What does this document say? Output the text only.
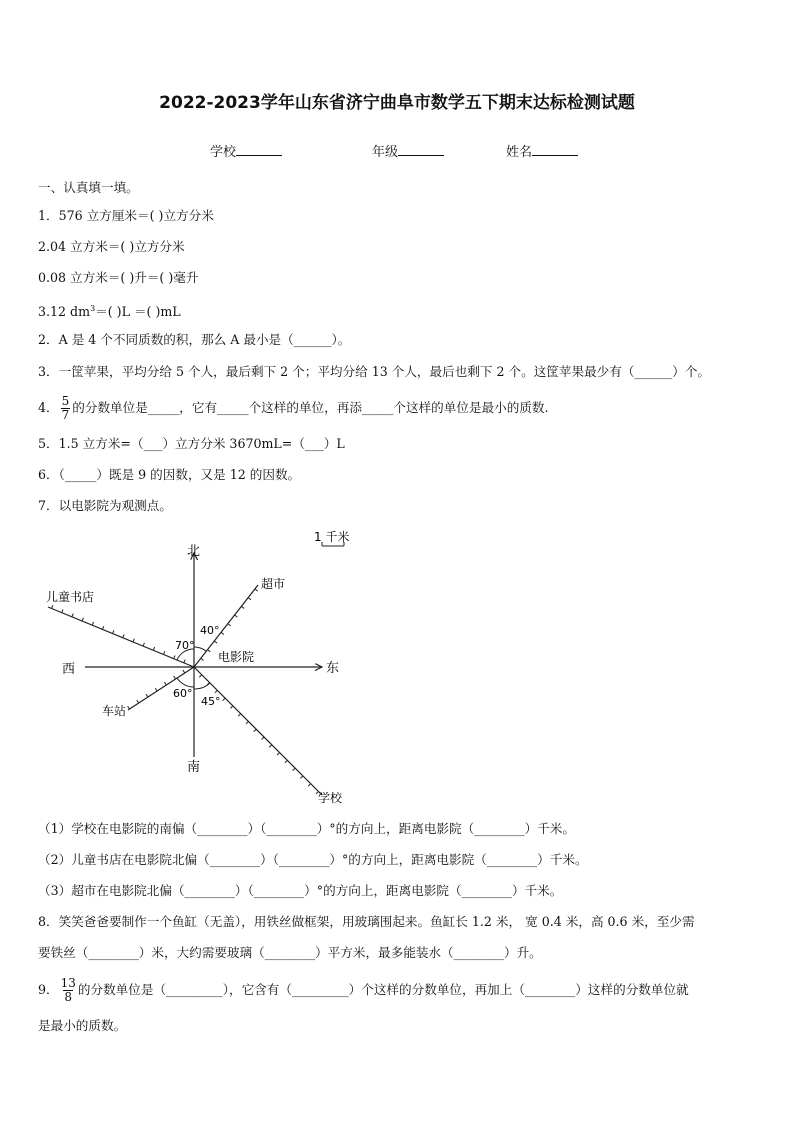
2022-2023学年山东省济宁曲阜市数学五下期末达标检测试题
学校	年级	姓名
一、认真填一填。
1．576 立方厘米＝( )立方分米
2.04 立方米＝( )立方分米
0.08 立方米＝( )升＝( )毫升
3.12 $dm^3=$( )L ＝( )mL
2．A 是 4 个不同质数的积，那么 A 最小是（______）。
3．一筐苹果，平均分给 5 个人，最后剩下 2 个；平均分给 13 个人，最后也剩下 2 个。这筐苹果最少有（______）个。
4． $\frac{5}{7}$ 的分数单位是_____，它有_____个这样的单位，再添_____个这样的单位是最小的质数.
5．1.5 立方米=（___）立方分米 3670mL=（___）L
6．（_____）既是 9 的因数，又是 12 的因数。
7．以电影院为观测点。
北
南
东
西
1 千米
电影院
超市
儿童书店
车站
学校
40°
70°
60°
45°
（1）学校在电影院的南偏（________）（________）°的方向上，距离电影院（________）千米。
（2）儿童书店在电影院北偏（________）（________）°的方向上，距离电影院（________）千米。
（3）超市在电影院北偏（________）（________）°的方向上，距离电影院（________）千米。
8．笑笑爸爸要制作一个鱼缸（无盖），用铁丝做框架，用玻璃围起来。鱼缸长 1.2 米， 宽 0.4 米，高 0.6 米，至少需
要铁丝（________）米，大约需要玻璃（________）平方米，最多能装水（________）升。
9． $\frac{13}{8}$ 的分数单位是（_________），它含有（_________）个这样的分数单位，再加上（________）这样的分数单位就
是最小的质数。
